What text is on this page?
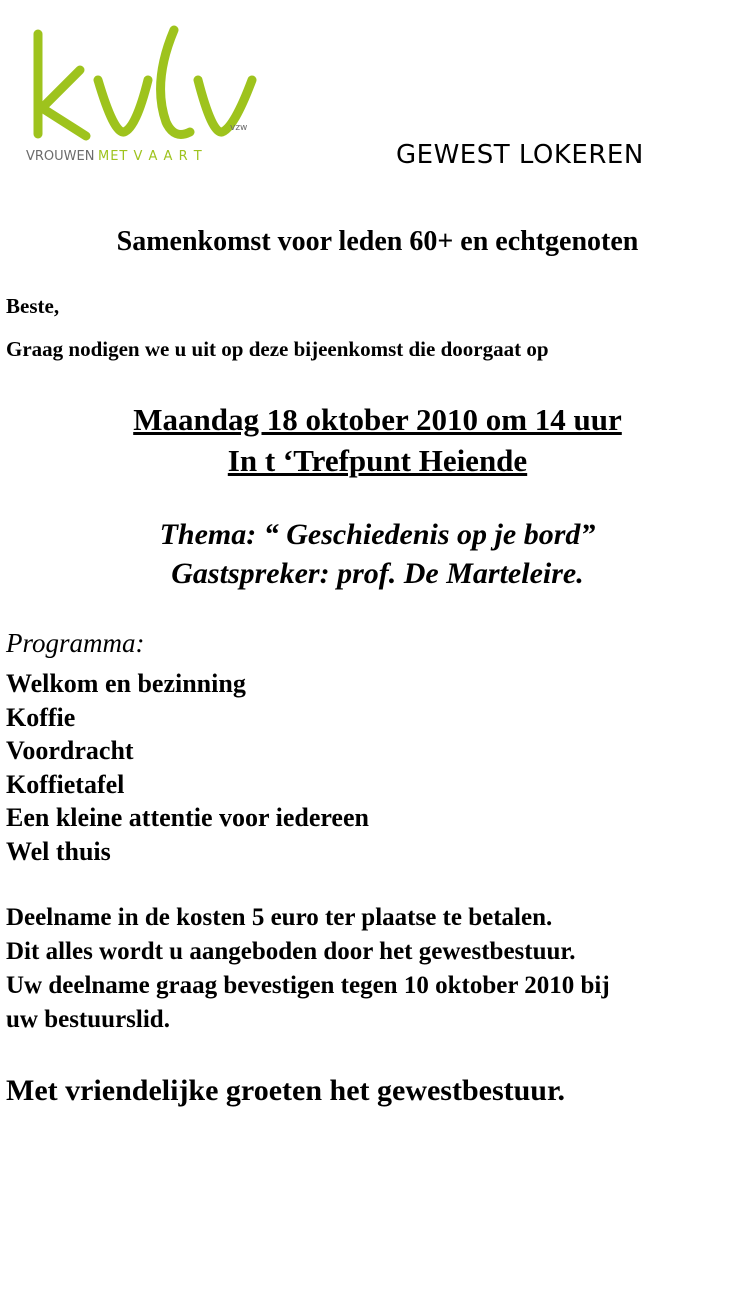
vzw
VROUWEN MET V A A R T	GEWEST LOKEREN
Samenkomst voor leden 60+ en echtgenoten
Beste,
Graag nodigen we u uit op deze bijeenkomst die doorgaat op
Maandag 18 oktober 2010 om 14 uur
In t ‘Trefpunt Heiende
Thema: “ Geschiedenis op je bord”
Gastspreker: prof. De Marteleire.
Programma:
Welkom en bezinning
Koffie
Voordracht
Koffietafel
Een kleine attentie voor iedereen
Wel thuis
Deelname in de kosten 5 euro ter plaatse te betalen.
Dit alles wordt u aangeboden door het gewestbestuur.
Uw deelname graag bevestigen tegen 10 oktober 2010 bij
uw bestuurslid.
Met vriendelijke groeten het gewestbestuur.
